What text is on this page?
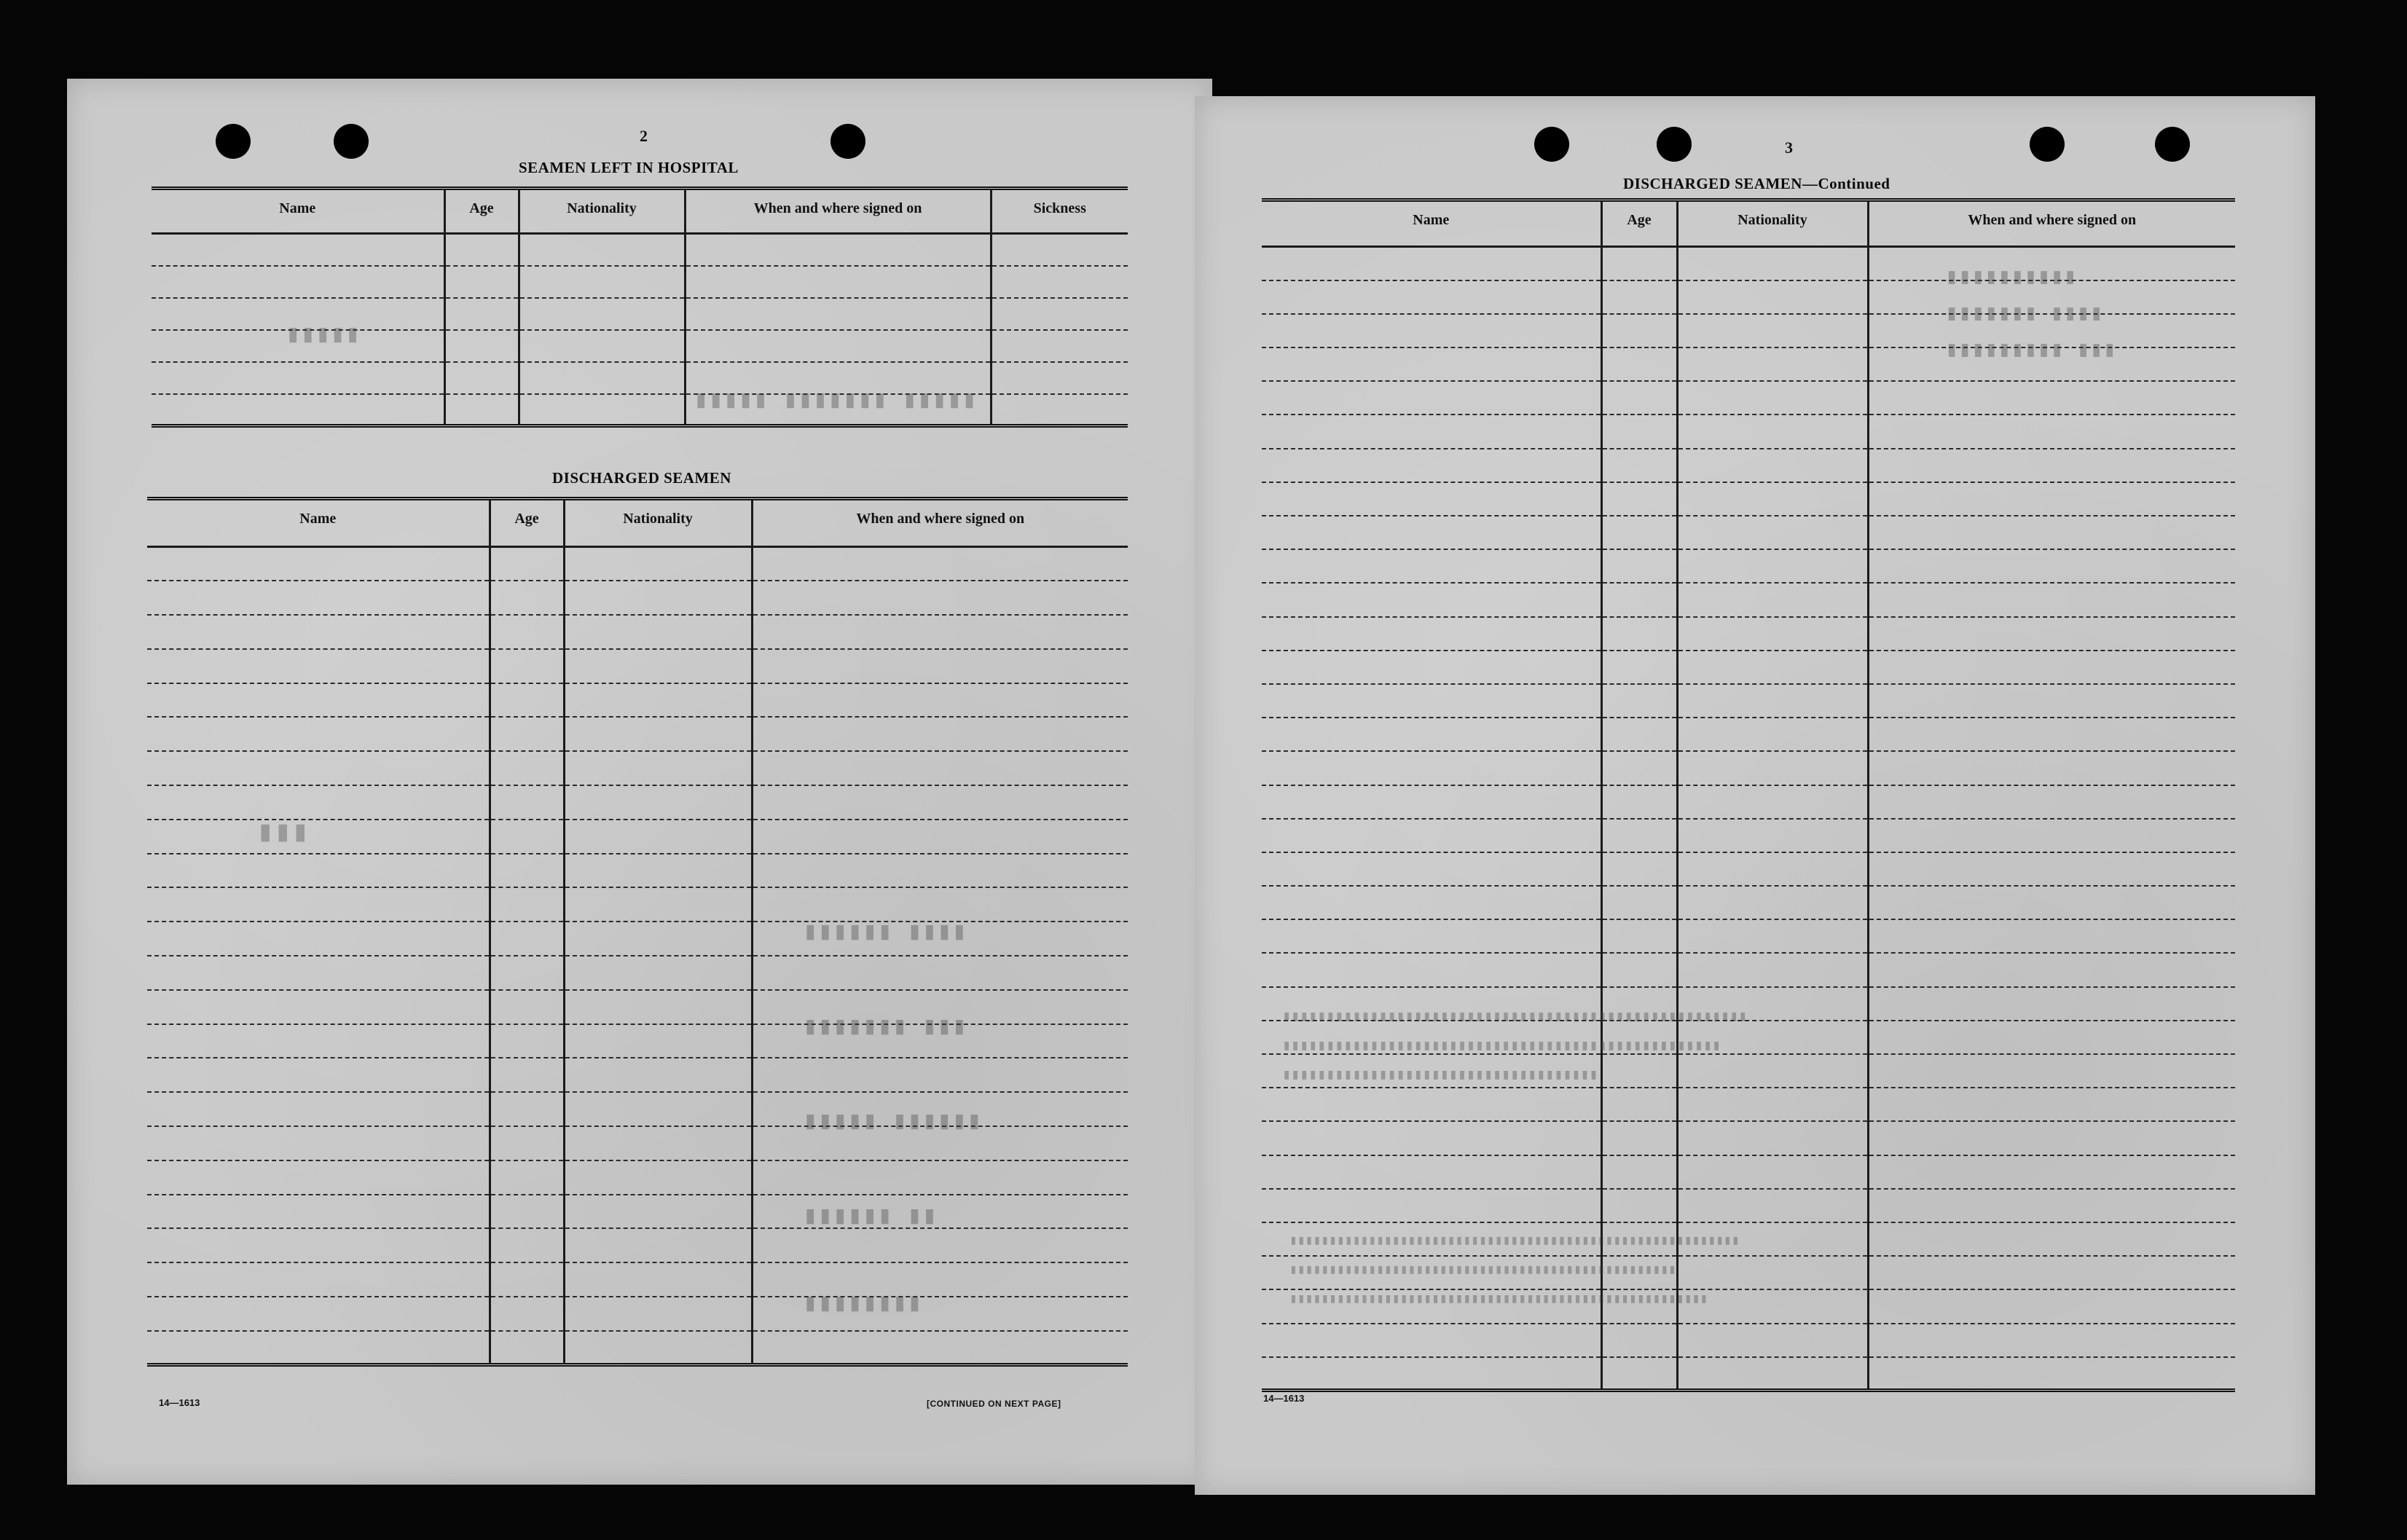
2
SEAMEN LEFT IN HOSPITAL
Name	Age	Nationality	When and where signed on	Sickness

DISCHARGED SEAMEN
Name	Age	Nationality	When and where signed on

14—1613	[CONTINUED ON NEXT PAGE]
▮▮▮▮▮
▮▮▮▮▮ ▮▮▮▮▮▮▮ ▮▮▮▮▮
▮▮▮
▮▮▮▮▮▮ ▮▮▮▮
▮▮▮▮▮▮▮ ▮▮▮
▮▮▮▮▮ ▮▮▮▮▮▮
▮▮▮▮▮▮ ▮▮
▮▮▮▮▮▮▮▮
3
DISCHARGED SEAMEN—Continued
Name	Age	Nationality	When and where signed on

14—1613
▮▮▮▮▮▮▮▮▮▮
▮▮▮▮▮▮▮ ▮▮▮▮
▮▮▮▮▮▮▮▮▮ ▮▮▮
▮▮▮▮▮▮▮▮▮▮▮▮▮▮▮▮▮▮▮▮▮▮▮▮▮▮▮▮▮▮▮▮▮▮▮▮▮▮▮▮▮▮▮▮▮▮▮▮▮▮▮▮▮
▮▮▮▮▮▮▮▮▮▮▮▮▮▮▮▮▮▮▮▮▮▮▮▮▮▮▮▮▮▮▮▮▮▮▮▮▮▮▮▮▮▮▮▮▮▮▮▮▮▮
▮▮▮▮▮▮▮▮▮▮▮▮▮▮▮▮▮▮▮▮▮▮▮▮▮▮▮▮▮▮▮▮▮▮▮▮
▮▮▮▮▮▮▮▮▮▮▮▮▮▮▮▮▮▮▮▮▮▮▮▮▮▮▮▮▮▮▮▮▮▮▮▮▮▮▮▮▮▮▮▮▮▮▮▮▮▮▮▮▮▮▮▮▮
▮▮▮▮▮▮▮▮▮▮▮▮▮▮▮▮▮▮▮▮▮▮▮▮▮▮▮▮▮▮▮▮▮▮▮▮▮▮▮▮▮▮▮▮▮▮▮▮▮
▮▮▮▮▮▮▮▮▮▮▮▮▮▮▮▮▮▮▮▮▮▮▮▮▮▮▮▮▮▮▮▮▮▮▮▮▮▮▮▮▮▮▮▮▮▮▮▮▮▮▮▮▮
